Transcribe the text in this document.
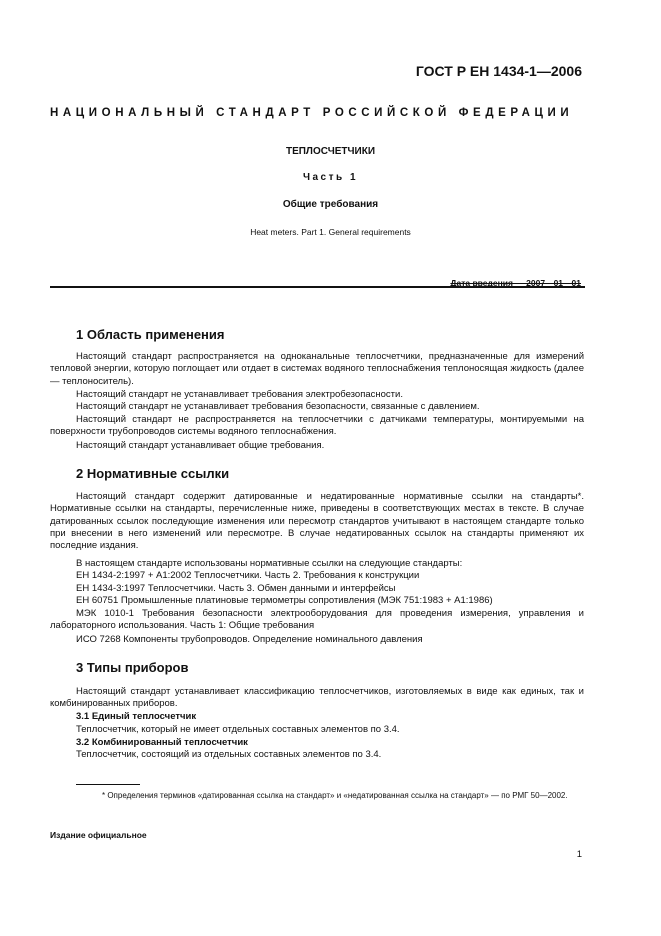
ГОСТ Р ЕН 1434-1—2006
НАЦИОНАЛЬНЫЙ СТАНДАРТ РОССИЙСКОЙ ФЕДЕРАЦИИ
ТЕПЛОСЧЕТЧИКИ
Часть 1
Общие требования
Heat meters. Part 1. General requirements
Дата введения — 2007—01—01
1 Область применения

Настоящий стандарт распространяется на одноканальные теплосчетчики, предназначенные для измерений тепловой энергии, которую поглощает или отдает в системах водяного теплоснабжения теплоносящая жидкость (далее — теплоноситель).

Настоящий стандарт не устанавливает требования электробезопасности.

Настоящий стандарт не устанавливает требования безопасности, связанные с давлением.

Настоящий стандарт не распространяется на теплосчетчики с датчиками температуры, монтируемыми на поверхности трубопроводов системы водяного теплоснабжения.

Настоящий стандарт устанавливает общие требования.

2 Нормативные ссылки

Настоящий стандарт содержит датированные и недатированные нормативные ссылки на стандарты*. Нормативные ссылки на стандарты, перечисленные ниже, приведены в соответствующих местах в тексте. В случае датированных ссылок последующие изменения или пересмотр стандартов учитывают в настоящем стандарте только при внесении в него изменений или пересмотре. В случае недатированных ссылок на стандарты применяют их последние издания.

В настоящем стандарте использованы нормативные ссылки на следующие стандарты:

ЕН 1434-2:1997 + А1:2002 Теплосчетчики. Часть 2. Требования к конструкции

ЕН 1434-3:1997 Теплосчетчики. Часть 3. Обмен данными и интерфейсы

ЕН 60751 Промышленные платиновые термометры сопротивления (МЭК 751:1983 + А1:1986)

МЭК 1010-1 Требования безопасности электрооборудования для проведения измерения, управления и лабораторного использования. Часть 1: Общие требования

ИСО 7268 Компоненты трубопроводов. Определение номинального давления

3 Типы приборов

Настоящий стандарт устанавливает классификацию теплосчетчиков, изготовляемых в виде как единых, так и комбинированных приборов.

3.1 Единый теплосчетчик

Теплосчетчик, который не имеет отдельных составных элементов по 3.4.

3.2 Комбинированный теплосчетчик

Теплосчетчик, состоящий из отдельных составных элементов по 3.4.

* Определения терминов «датированная ссылка на стандарт» и «недатированная ссылка на стандарт» — по РМГ 50—2002.

Издание официальное
1
